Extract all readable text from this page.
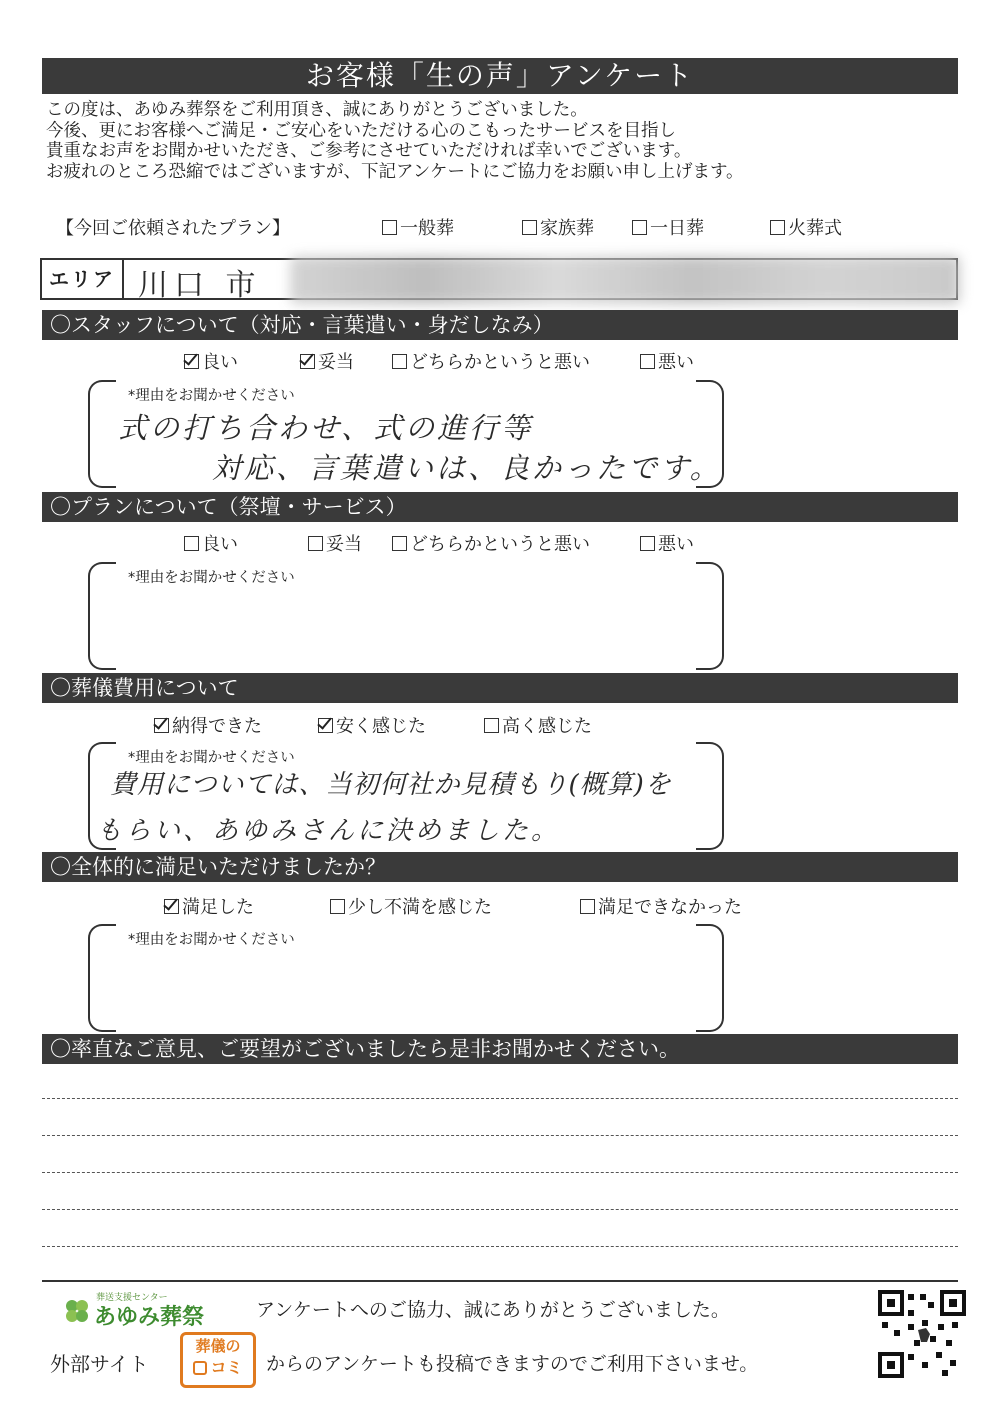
お客様「生の声」アンケート
この度は、あゆみ葬祭をご利用頂き、誠にありがとうございました。
今後、更にお客様へご満足・ご安心をいただける心のこもったサービスを目指し
貴重なお声をお聞かせいただき、ご参考にさせていただければ幸いでございます。
お疲れのところ恐縮ではございますが、下記アンケートにご協力をお願い申し上げます。
【今回ご依頼されたプラン】	一般葬	家族葬	一日葬	火葬式
エリア 川口 市
〇スタッフについて（対応・言葉遣い・身だしなみ）
良い	妥当	どちらかというと悪い	悪い
*理由をお聞かせください
式の打ち合わせ、式の進行等
対応、言葉遣いは、良かったです。
〇プランについて（祭壇・サービス）
良い	妥当	どちらかというと悪い	悪い
*理由をお聞かせください
〇葬儀費用について
納得できた	安く感じた	高く感じた
*理由をお聞かせください
費用については、当初何社か見積もり(概算)を
もらい、あゆみさんに決めました。
〇全体的に満足いただけましたか？
満足した	少し不満を感じた	満足できなかった
*理由をお聞かせください
〇率直なご意見、ご要望がございましたら是非お聞かせください。
葬送支援センター
あゆみ葬祭	アンケートへのご協力、誠にありがとうございました。
外部サイト
葬儀の
コミ からのアンケートも投稿できますのでご利用下さいませ。
